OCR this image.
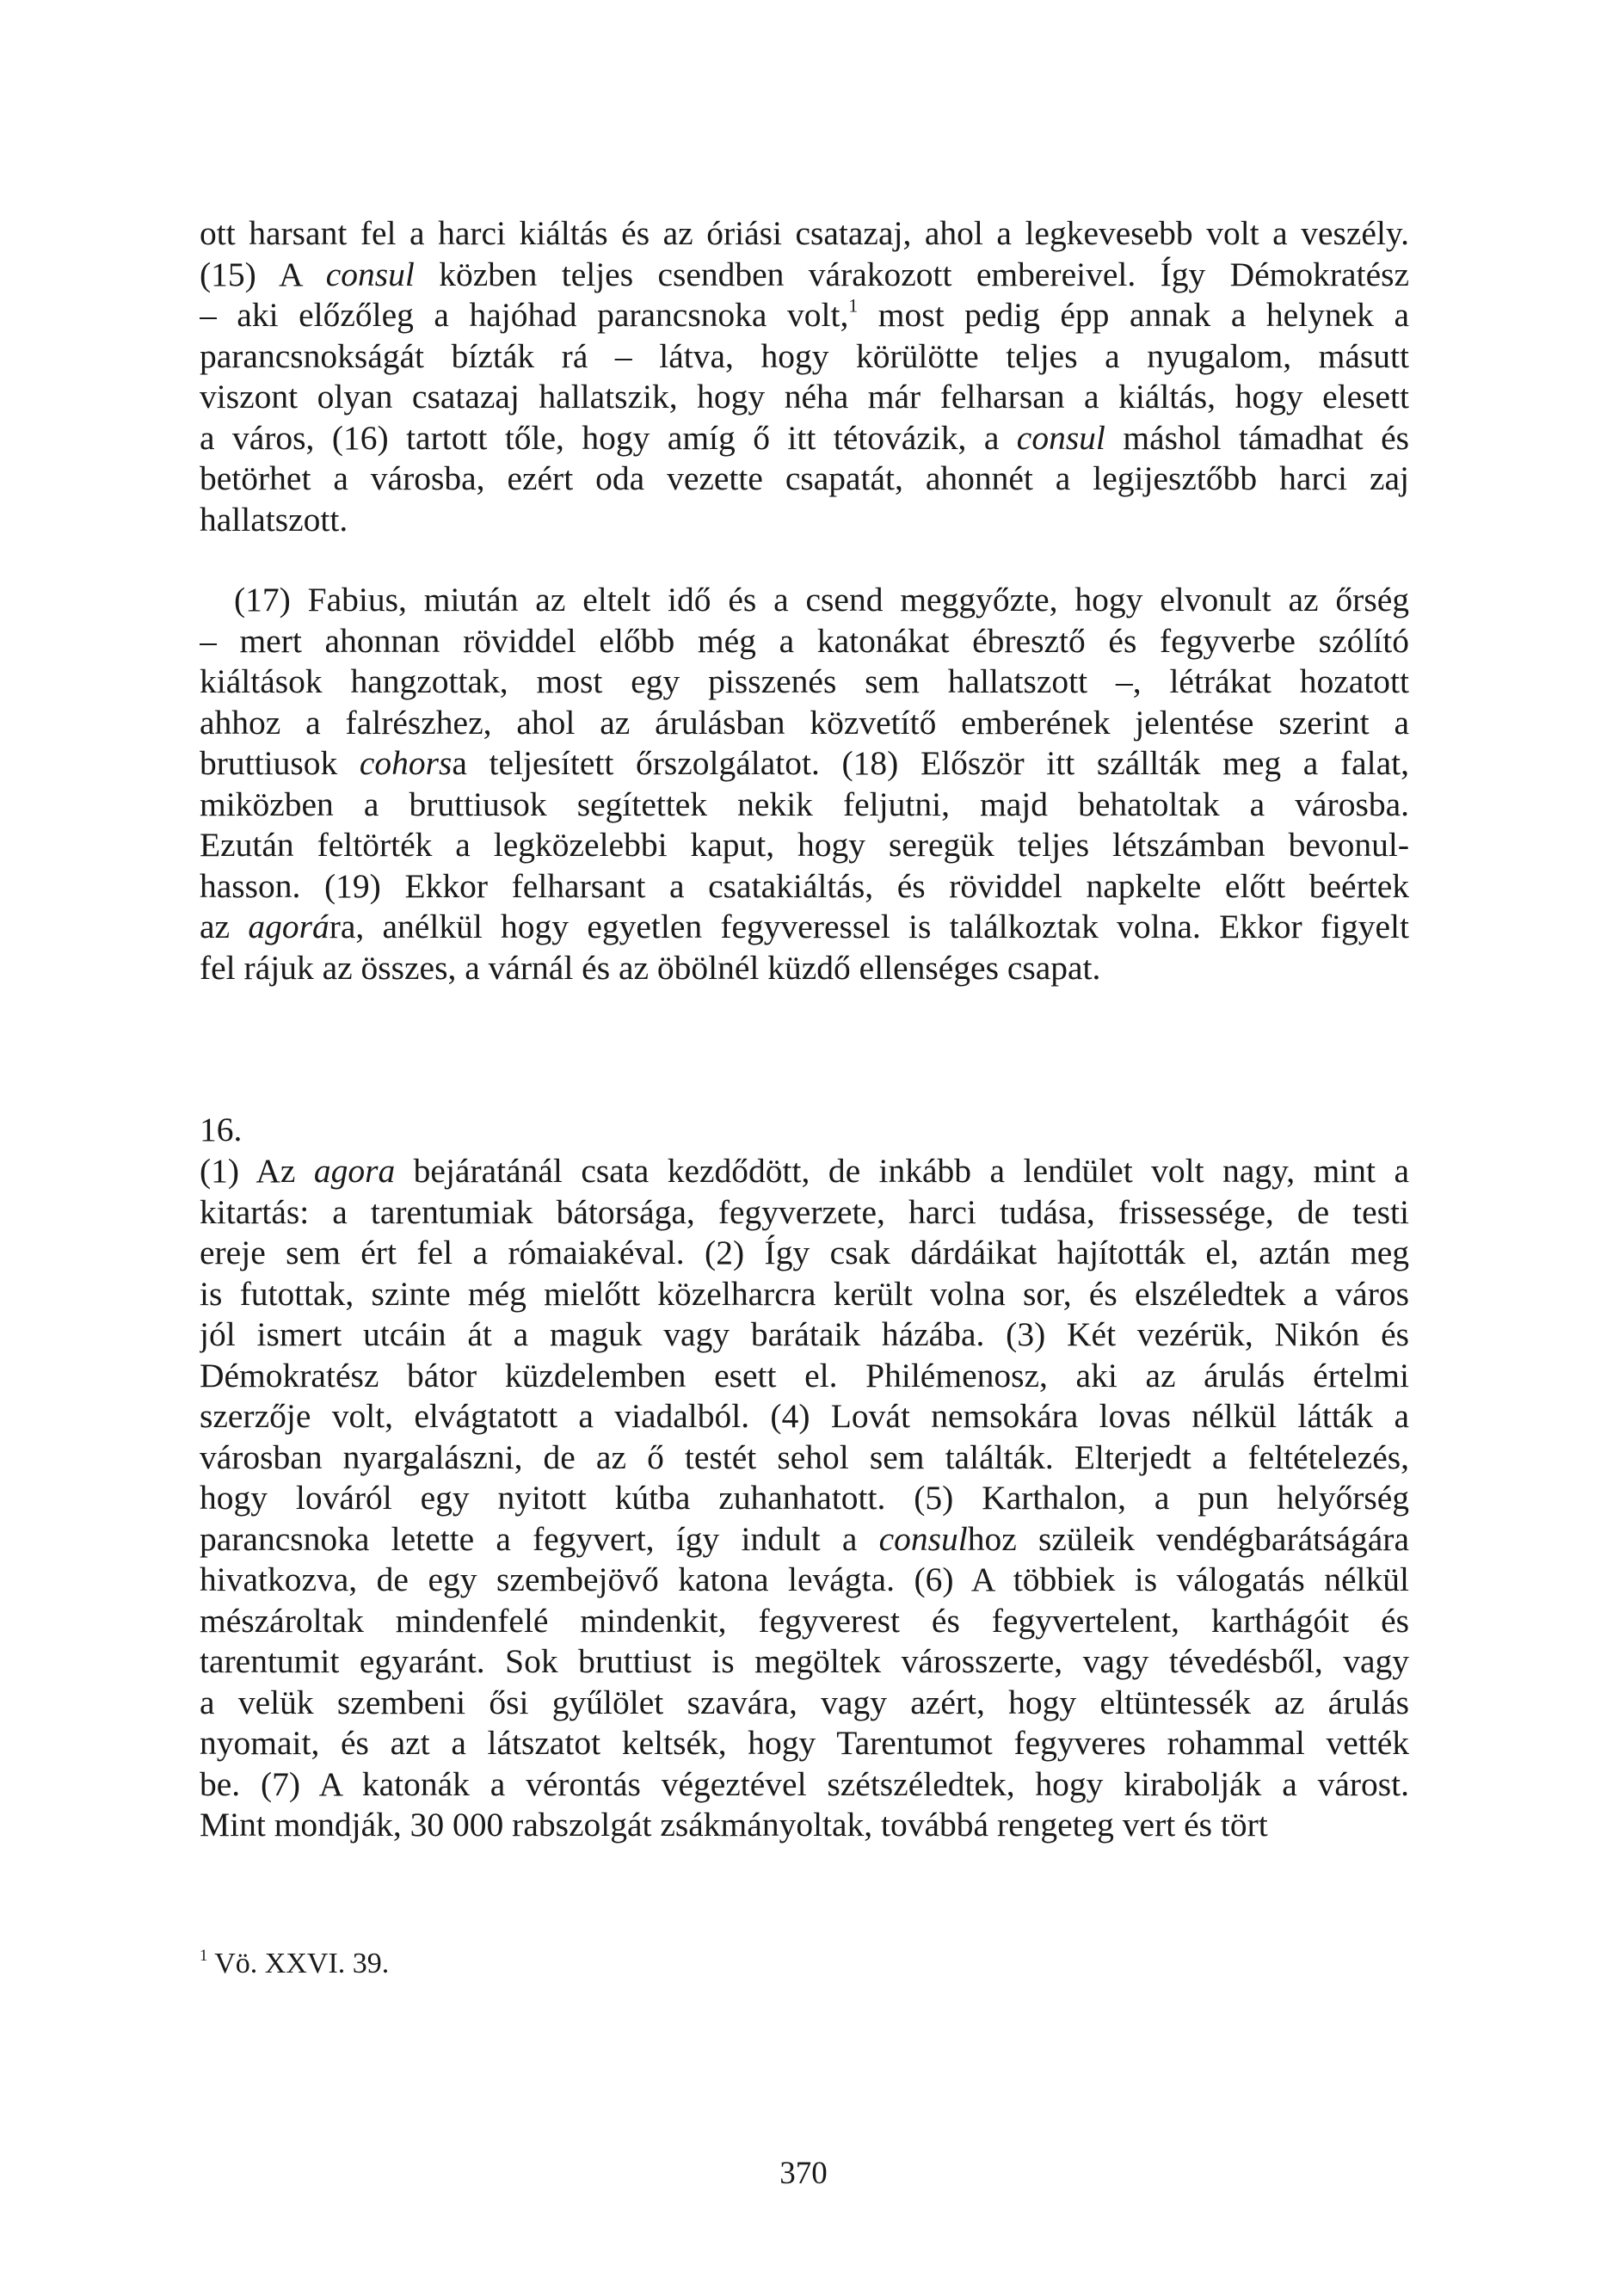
ott harsant fel a harci kiáltás és az óriási csatazaj, ahol a legkevesebb volt a veszély.
(15) A consul közben teljes csendben várakozott embereivel. Így Démokratész
– aki előzőleg a hajóhad parancsnoka volt,$^1$ most pedig épp annak a helynek a
parancsnokságát bízták rá – látva, hogy körülötte teljes a nyugalom, másutt
viszont olyan csatazaj hallatszik, hogy néha már felharsan a kiáltás, hogy elesett
a város, (16) tartott tőle, hogy amíg ő itt tétovázik, a consul máshol támadhat és
betörhet a városba, ezért oda vezette csapatát, ahonnét a legijesztőbb harci zaj
hallatszott.
(17) Fabius, miután az eltelt idő és a csend meggyőzte, hogy elvonult az őrség
– mert ahonnan röviddel előbb még a katonákat ébresztő és fegyverbe szólító
kiáltások hangzottak, most egy pisszenés sem hallatszott –, létrákat hozatott
ahhoz a falrészhez, ahol az árulásban közvetítő emberének jelentése szerint a
bruttiusok cohorsa teljesített őrszolgálatot. (18) Először itt szállták meg a falat,
miközben a bruttiusok segítettek nekik feljutni, majd behatoltak a városba.
Ezután feltörték a legközelebbi kaput, hogy seregük teljes létszámban bevonul-
hasson. (19) Ekkor felharsant a csatakiáltás, és röviddel napkelte előtt beértek
az agorára, anélkül hogy egyetlen fegyveressel is találkoztak volna. Ekkor figyelt
fel rájuk az összes, a várnál és az öbölnél küzdő ellenséges csapat.
16.
(1) Az agora bejáratánál csata kezdődött, de inkább a lendület volt nagy, mint a
kitartás: a tarentumiak bátorsága, fegyverzete, harci tudása, frissessége, de testi
ereje sem ért fel a rómaiakéval. (2) Így csak dárdáikat hajították el, aztán meg
is futottak, szinte még mielőtt közelharcra került volna sor, és elszéledtek a város
jól ismert utcáin át a maguk vagy barátaik házába. (3) Két vezérük, Nikón és
Démokratész bátor küzdelemben esett el. Philémenosz, aki az árulás értelmi
szerzője volt, elvágtatott a viadalból. (4) Lovát nemsokára lovas nélkül látták a
városban nyargalászni, de az ő testét sehol sem találták. Elterjedt a feltételezés,
hogy lováról egy nyitott kútba zuhanhatott. (5) Karthalon, a pun helyőrség
parancsnoka letette a fegyvert, így indult a consulhoz szüleik vendégbarátságára
hivatkozva, de egy szembejövő katona levágta. (6) A többiek is válogatás nélkül
mészároltak mindenfelé mindenkit, fegyverest és fegyvertelent, karthágóit és
tarentumit egyaránt. Sok bruttiust is megöltek városszerte, vagy tévedésből, vagy
a velük szembeni ősi gyűlölet szavára, vagy azért, hogy eltüntessék az árulás
nyomait, és azt a látszatot keltsék, hogy Tarentumot fegyveres rohammal vették
be. (7) A katonák a vérontás végeztével szétszéledtek, hogy kirabolják a várost.
Mint mondják, 30 000 rabszolgát zsákmányoltak, továbbá rengeteg vert és tört
$^1$ Vö. XXVI. 39.
370
